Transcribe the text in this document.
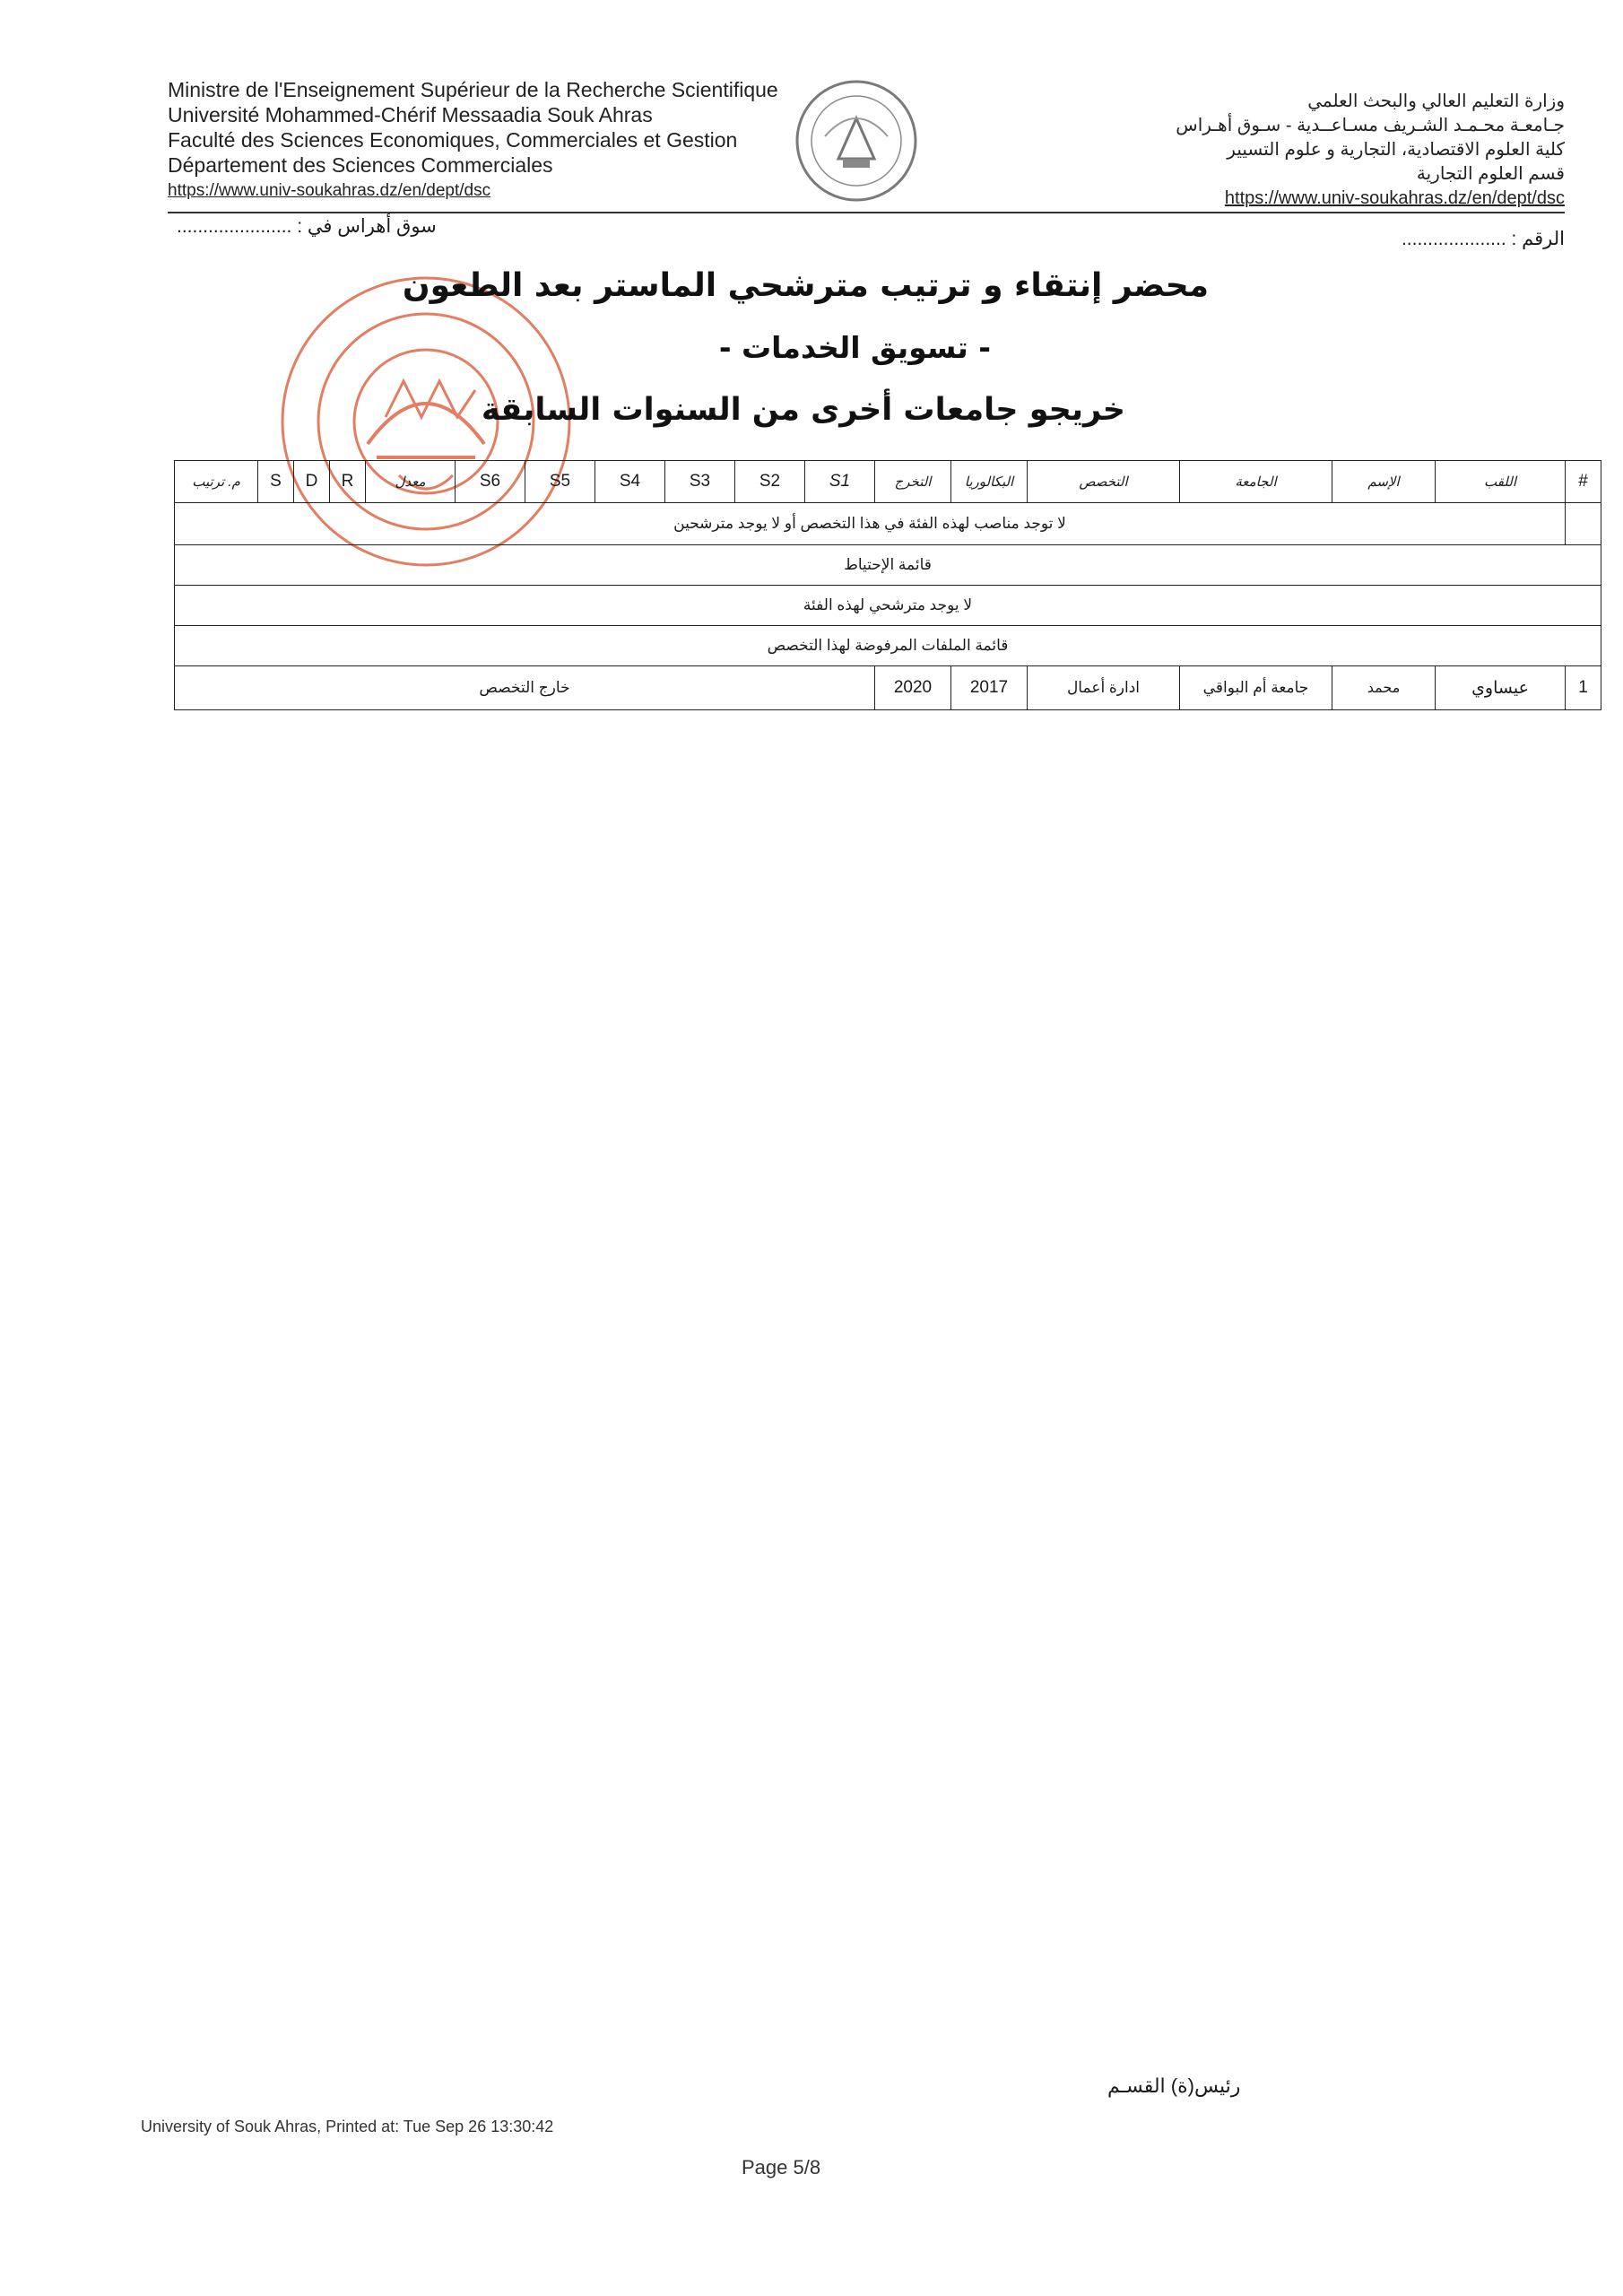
Ministre de l'Enseignement Supérieur de la Recherche Scientifique
Université Mohammed-Chérif Messaadia Souk Ahras
Faculté des Sciences Economiques, Commerciales et Gestion
Département des Sciences Commerciales
https://www.univ-soukahras.dz/en/dept/dsc
وزارة التعليم العالي والبحث العلمي
جـامعـة محـمـد الشـريف مسـاعــدية - سـوق أهـراس
كلية العلوم الاقتصادية، التجارية و علوم التسيير
قسم العلوم التجارية
https://www.univ-soukahras.dz/en/dept/dsc
سوق أهراس في : ......................
الرقم : ....................
محضر إنتقاء و ترتيب مترشحي الماستر بعد الطعون
- تسويق الخدمات -
خريجو جامعات أخرى من السنوات السابقة
#	اللقب	الإسم	الجامعة	التخصص	البكالوريا	التخرج	S1	S2	S3	S4	S5	S6	معدل	R	D	S	م. ترتيب
	لا توجد مناصب لهذه الفئة في هذا التخصص أو لا يوجد مترشحين																
قائمة الإحتياط																	
لا يوجد مترشحي لهذه الفئة																	
قائمة الملفات المرفوضة لهذا التخصص																	
1	عيساوي	محمد	جامعة أم البواقي	ادارة أعمال	2017	2020	خارج التخصص										
رئيس(ة) القسـم
University of Souk Ahras, Printed at: Tue Sep 26 13:30:42
Page 5/8
